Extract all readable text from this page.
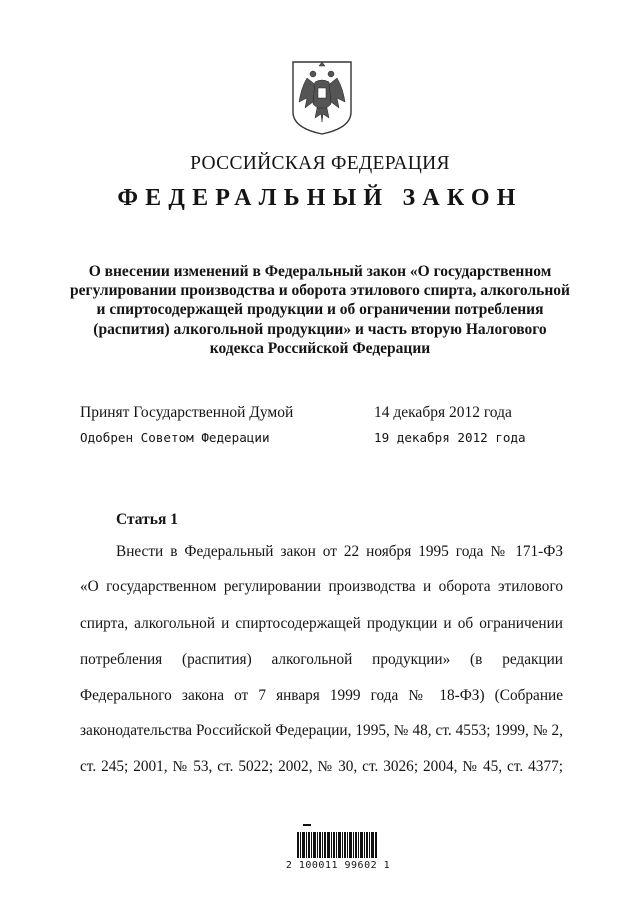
РОССИЙСКАЯ ФЕДЕРАЦИЯ
ФЕДЕРАЛЬНЫЙ ЗАКОН
О внесении изменений в Федеральный закон «О государственном
регулировании производства и оборота этилового спирта, алкогольной
и спиртосодержащей продукции и об ограничении потребления
(распития) алкогольной продукции» и часть вторую Налогового
кодекса Российской Федерации
Принят Государственной Думой	14 декабря 2012 года
Одобрен Советом Федерации	19 декабря 2012 года
Статья 1
Внести в Федеральный закон от 22 ноября 1995 года № 171-ФЗ
«О государственном регулировании производства и оборота этилового
спирта, алкогольной и спиртосодержащей продукции и об ограничении
потребления (распития) алкогольной продукции» (в редакции
Федерального закона от 7 января 1999 года № 18-ФЗ) (Собрание
законодательства Российской Федерации, 1995, № 48, ст. 4553; 1999, № 2,
ст. 245; 2001, № 53, ст. 5022; 2002, № 30, ст. 3026; 2004, № 45, ст. 4377;
2 100011 99602 1
